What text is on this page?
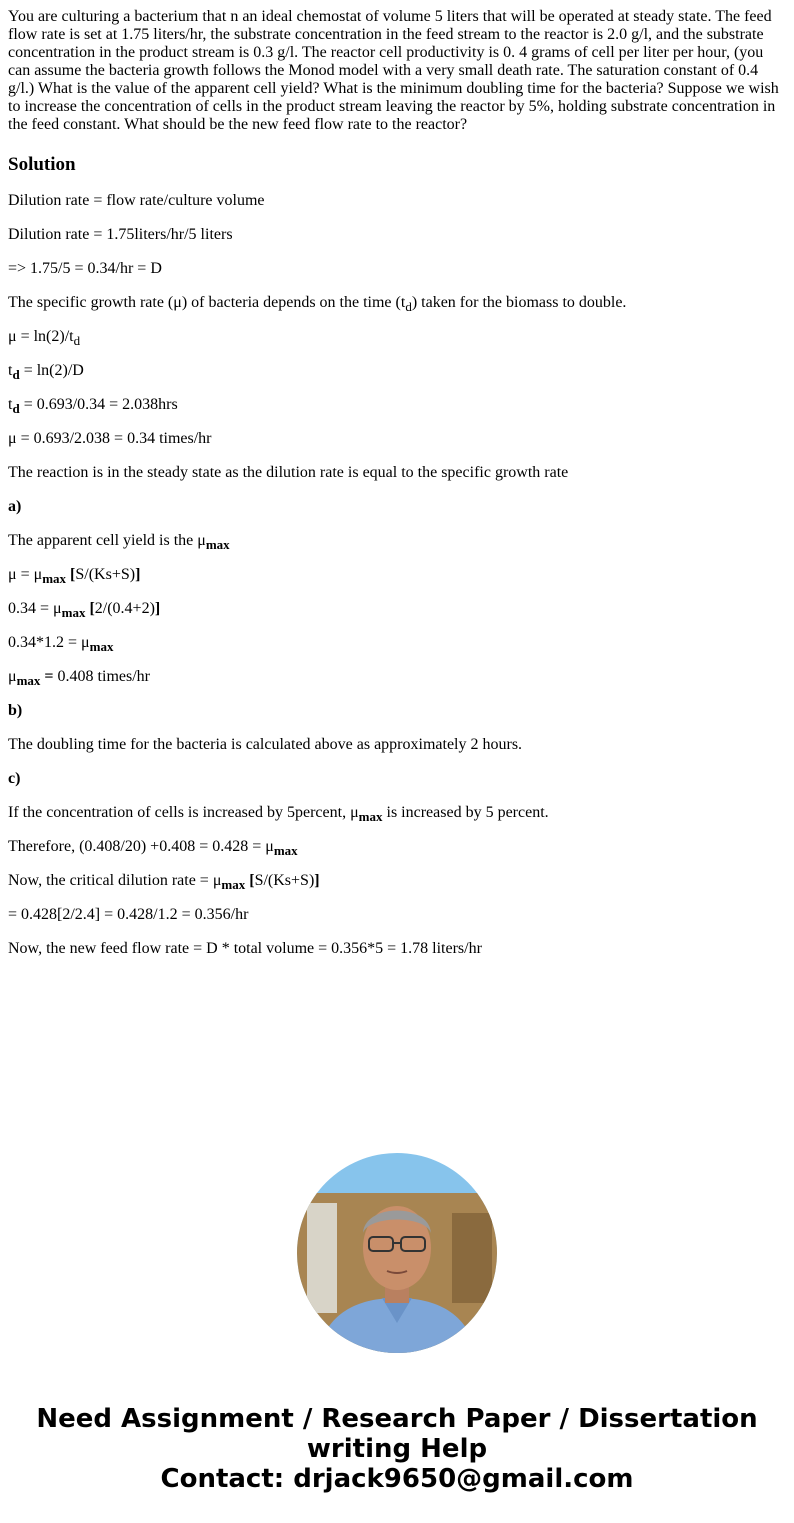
You are culturing a bacterium that n an ideal chemostat of volume 5 liters that will be operated at steady state. The feed flow rate is set at 1.75 liters/hr, the substrate concentration in the feed stream to the reactor is 2.0 g/l, and the substrate concentration in the product stream is 0.3 g/l. The reactor cell productivity is 0. 4 grams of cell per liter per hour, (you can assume the bacteria growth follows the Monod model with a very small death rate. The saturation constant of 0.4 g/l.) What is the value of the apparent cell yield? What is the minimum doubling time for the bacteria? Suppose we wish to increase the concentration of cells in the product stream leaving the reactor by 5%, holding substrate concentration in the feed constant. What should be the new feed flow rate to the reactor?

Solution

Dilution rate = flow rate/culture volume

Dilution rate = 1.75liters/hr/5 liters

=> 1.75/5 = 0.34/hr = D

The specific growth rate (μ) of bacteria depends on the time $(t_d)$ taken for the biomass to double.

$\mu = \ln(2)/t_d$

$t_d = \ln(2)/D$

$t_d = 0.693/0.34 = 2.038hrs$

μ = 0.693/2.038 = 0.34 times/hr

The reaction is in the steady state as the dilution rate is equal to the specific growth rate

a)

The apparent cell yield is the $\mu_{max}$

$\mu = \mu_{max}$ [S/(Ks+S)]

$0.34 = \mu_{max}$ [2/(0.4+2)]

$0.34*1.2 = \mu_{max}$

$\mu_{max} = 0.408$ times/hr

b)

The doubling time for the bacteria is calculated above as approximately 2 hours.

c)

If the concentration of cells is increased by 5percent, $\mu_{max}$ is increased by 5 percent.

Therefore, $(0.408/20) +0.408 = 0.428 = \mu_{max}$

Now, the critical dilution rate = $\mu_{max}$ [S/(Ks+S)]

= 0.428[2/2.4] = 0.428/1.2 = 0.356/hr

Now, the new feed flow rate = D * total volume = 0.356*5 = 1.78 liters/hr

Need Assignment / Research Paper / Dissertation
writing Help
Contact: drjack9650@gmail.com
